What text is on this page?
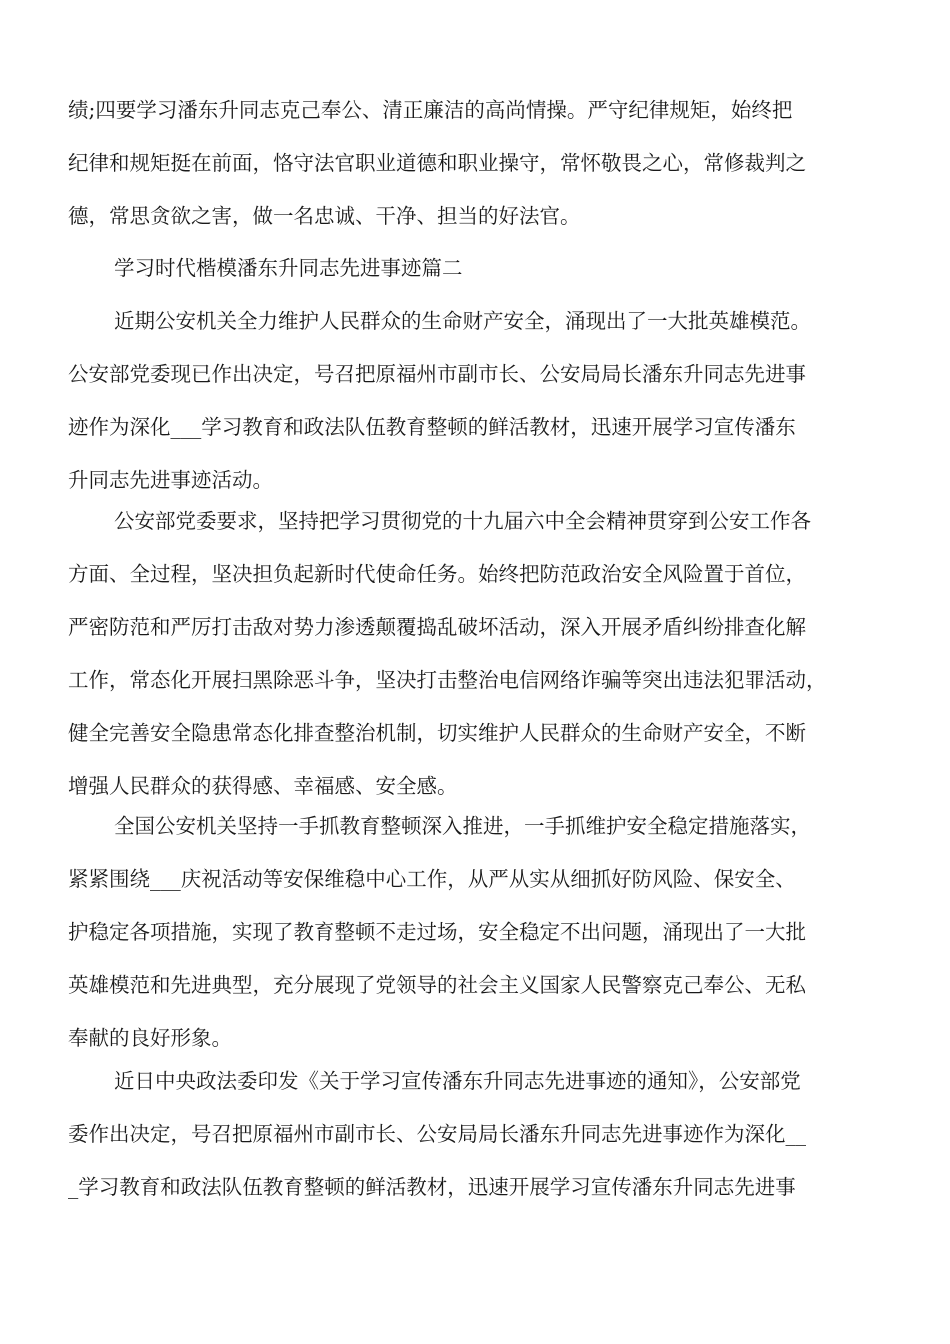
绩;四要学习潘东升同志克己奉公、清正廉洁的高尚情操。严守纪律规矩，始终把
纪律和规矩挺在前面，恪守法官职业道德和职业操守，常怀敬畏之心，常修裁判之
德，常思贪欲之害，做一名忠诚、干净、担当的好法官。
学习时代楷模潘东升同志先进事迹篇二
近期公安机关全力维护人民群众的生命财产安全，涌现出了一大批英雄模范。
公安部党委现已作出决定，号召把原福州市副市长、公安局局长潘东升同志先进事
迹作为深化___学习教育和政法队伍教育整顿的鲜活教材，迅速开展学习宣传潘东
升同志先进事迹活动。
公安部党委要求，坚持把学习贯彻党的十九届六中全会精神贯穿到公安工作各
方面、全过程，坚决担负起新时代使命任务。始终把防范政治安全风险置于首位，
严密防范和严厉打击敌对势力渗透颠覆捣乱破坏活动，深入开展矛盾纠纷排查化解
工作，常态化开展扫黑除恶斗争，坚决打击整治电信网络诈骗等突出违法犯罪活动，
健全完善安全隐患常态化排查整治机制，切实维护人民群众的生命财产安全，不断
增强人民群众的获得感、幸福感、安全感。
全国公安机关坚持一手抓教育整顿深入推进，一手抓维护安全稳定措施落实，
紧紧围绕___庆祝活动等安保维稳中心工作，从严从实从细抓好防风险、保安全、
护稳定各项措施，实现了教育整顿不走过场，安全稳定不出问题，涌现出了一大批
英雄模范和先进典型，充分展现了党领导的社会主义国家人民警察克己奉公、无私
奉献的良好形象。
近日中央政法委印发《关于学习宣传潘东升同志先进事迹的通知》，公安部党
委作出决定，号召把原福州市副市长、公安局局长潘东升同志先进事迹作为深化__
_学习教育和政法队伍教育整顿的鲜活教材，迅速开展学习宣传潘东升同志先进事
